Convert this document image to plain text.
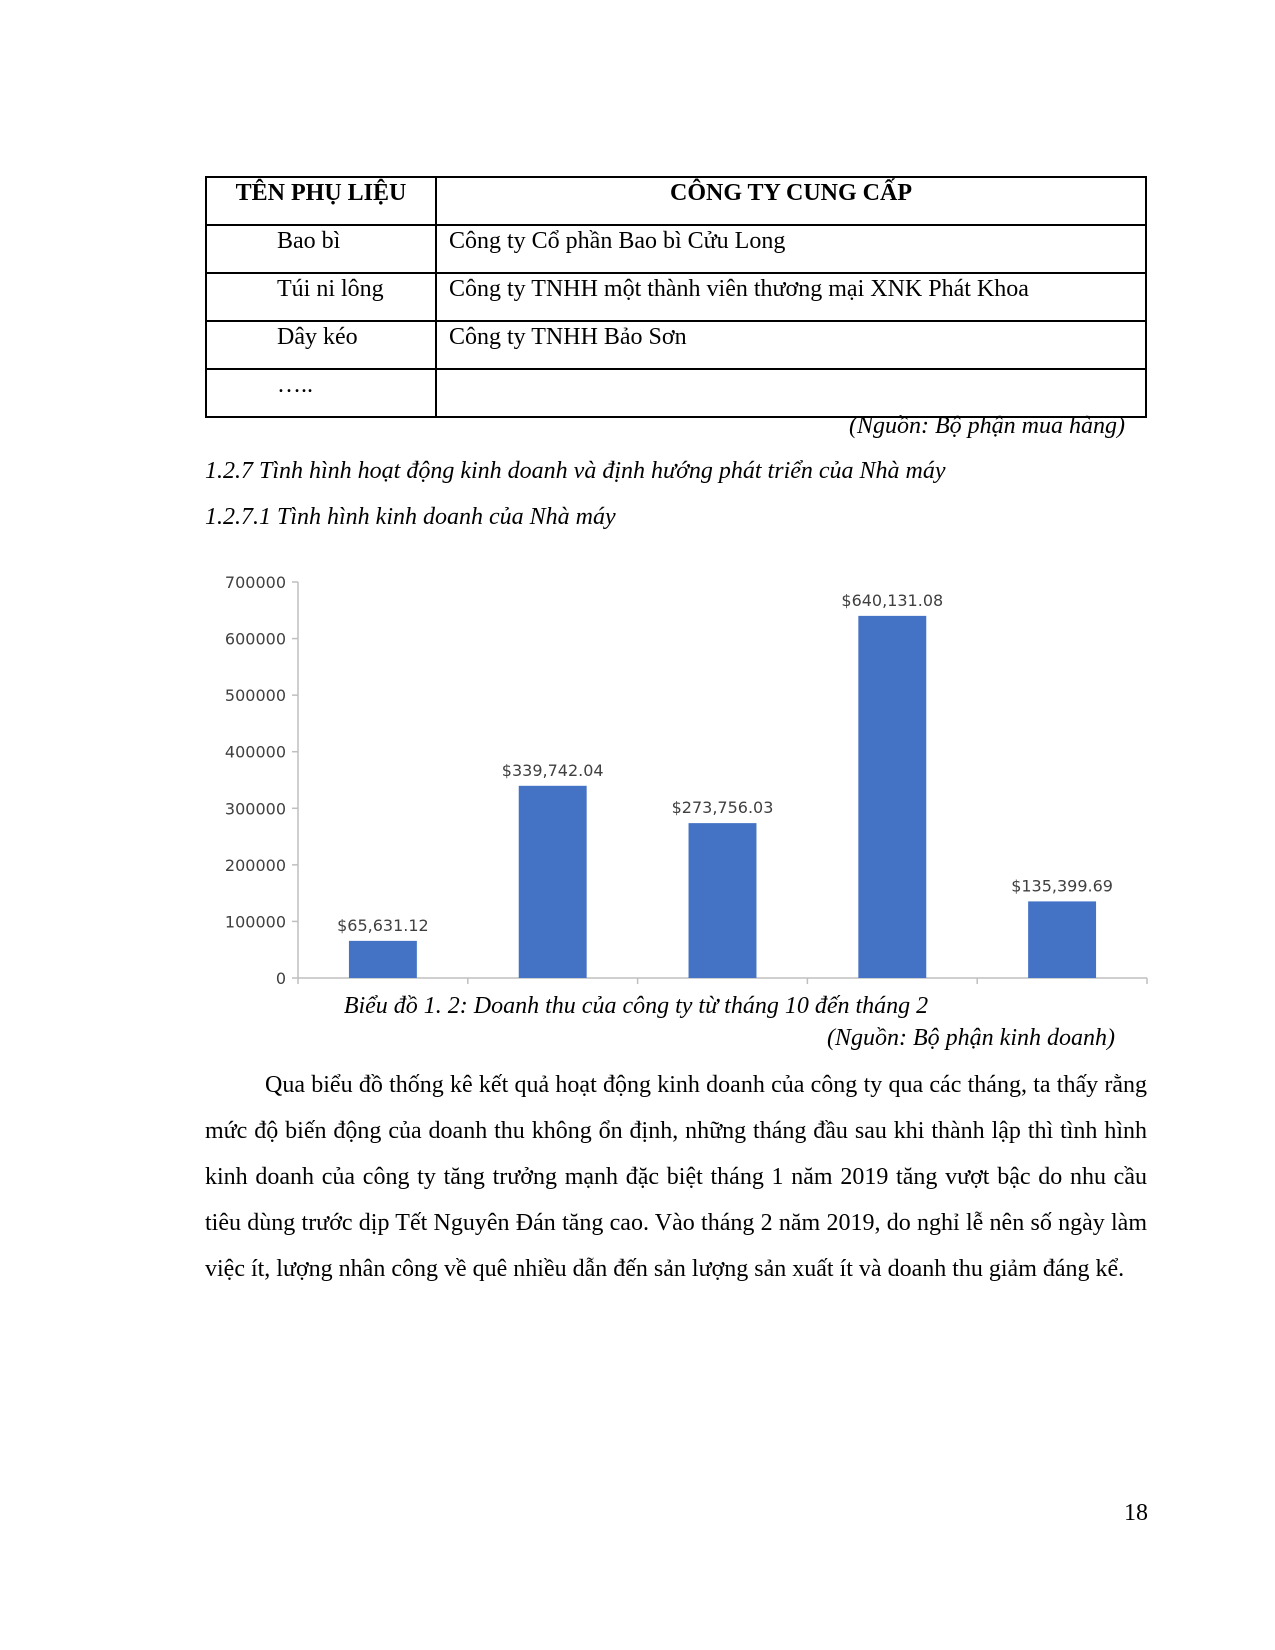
TÊN PHỤ LIỆU	CÔNG TY CUNG CẤP
Bao bì	Công ty Cổ phần Bao bì Cửu Long
Túi ni lông	Công ty TNHH một thành viên thương mại XNK Phát Khoa
Dây kéo	Công ty TNHH Bảo Sơn
…..	
(Nguồn: Bộ phận mua hàng)
1.2.7 Tình hình hoạt động kinh doanh và định hướng phát triển của Nhà máy
1.2.7.1 Tình hình kinh doanh của Nhà máy
0
100000
200000
300000
400000
500000
600000
700000
$65,631.12
$339,742.04
$273,756.03
$640,131.08
$135,399.69
Biểu đồ 1. 2: Doanh thu của công ty từ tháng 10 đến tháng 2
(Nguồn: Bộ phận kinh doanh)

Qua biểu đồ thống kê kết quả hoạt động kinh doanh của công ty qua các tháng, ta thấy rằng mức độ biến động của doanh thu không ổn định, những tháng đầu sau khi thành lập thì tình hình kinh doanh của công ty tăng trưởng mạnh đặc biệt tháng 1 năm 2019 tăng vượt bậc do nhu cầu tiêu dùng trước dịp Tết Nguyên Đán tăng cao. Vào tháng 2 năm 2019, do nghỉ lễ nên số ngày làm việc ít, lượng nhân công về quê nhiều dẫn đến sản lượng sản xuất ít và doanh thu giảm đáng kể.

18
